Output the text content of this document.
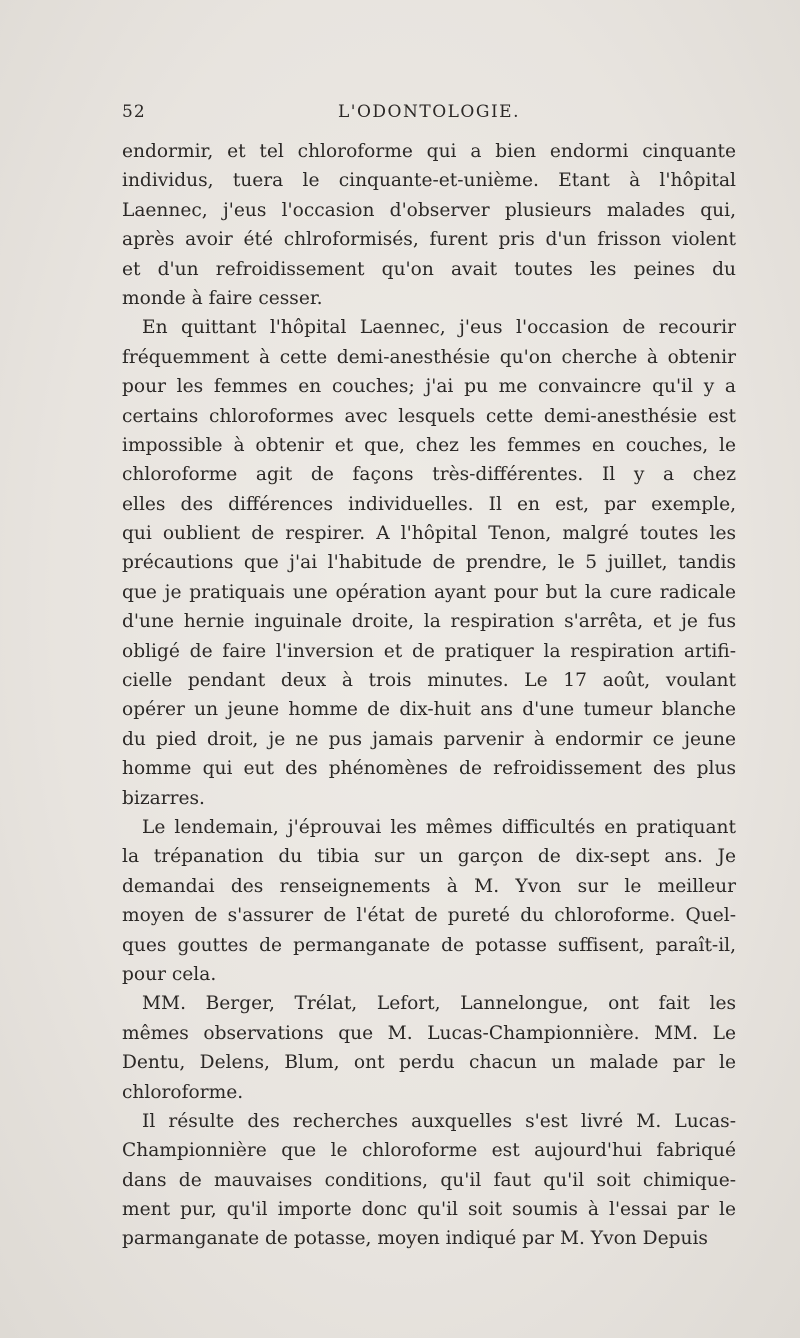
52	L'ODONTOLOGIE.
endormir, et tel chloroforme qui a bien endormi cinquante
individus, tuera le cinquante-et-unième. Etant à l'hôpital
Laennec, j'eus l'occasion d'observer plusieurs malades qui,
après avoir été chlroformisés, furent pris d'un frisson violent
et d'un refroidissement qu'on avait toutes les peines du
monde à faire cesser.
En quittant l'hôpital Laennec, j'eus l'occasion de recourir
fréquemment à cette demi-anesthésie qu'on cherche à obtenir
pour les femmes en couches; j'ai pu me convaincre qu'il y a
certains chloroformes avec lesquels cette demi-anesthésie est
impossible à obtenir et que, chez les femmes en couches, le
chloroforme agit de façons très-différentes. Il y a chez
elles des différences individuelles. Il en est, par exemple,
qui oublient de respirer. A l'hôpital Tenon, malgré toutes les
précautions que j'ai l'habitude de prendre, le 5 juillet, tandis
que je pratiquais une opération ayant pour but la cure radicale
d'une hernie inguinale droite, la respiration s'arrêta, et je fus
obligé de faire l'inversion et de pratiquer la respiration artifi-
cielle pendant deux à trois minutes. Le 17 août, voulant
opérer un jeune homme de dix-huit ans d'une tumeur blanche
du pied droit, je ne pus jamais parvenir à endormir ce jeune
homme qui eut des phénomènes de refroidissement des plus
bizarres.
Le lendemain, j'éprouvai les mêmes difficultés en pratiquant
la trépanation du tibia sur un garçon de dix-sept ans. Je
demandai des renseignements à M. Yvon sur le meilleur
moyen de s'assurer de l'état de pureté du chloroforme. Quel-
ques gouttes de permanganate de potasse suffisent, paraît-il,
pour cela.
MM. Berger, Trélat, Lefort, Lannelongue, ont fait les
mêmes observations que M. Lucas-Championnière. MM. Le
Dentu, Delens, Blum, ont perdu chacun un malade par le
chloroforme.
Il résulte des recherches auxquelles s'est livré M. Lucas-
Championnière que le chloroforme est aujourd'hui fabriqué
dans de mauvaises conditions, qu'il faut qu'il soit chimique-
ment pur, qu'il importe donc qu'il soit soumis à l'essai par le
parmanganate de potasse, moyen indiqué par M. Yvon Depuis
